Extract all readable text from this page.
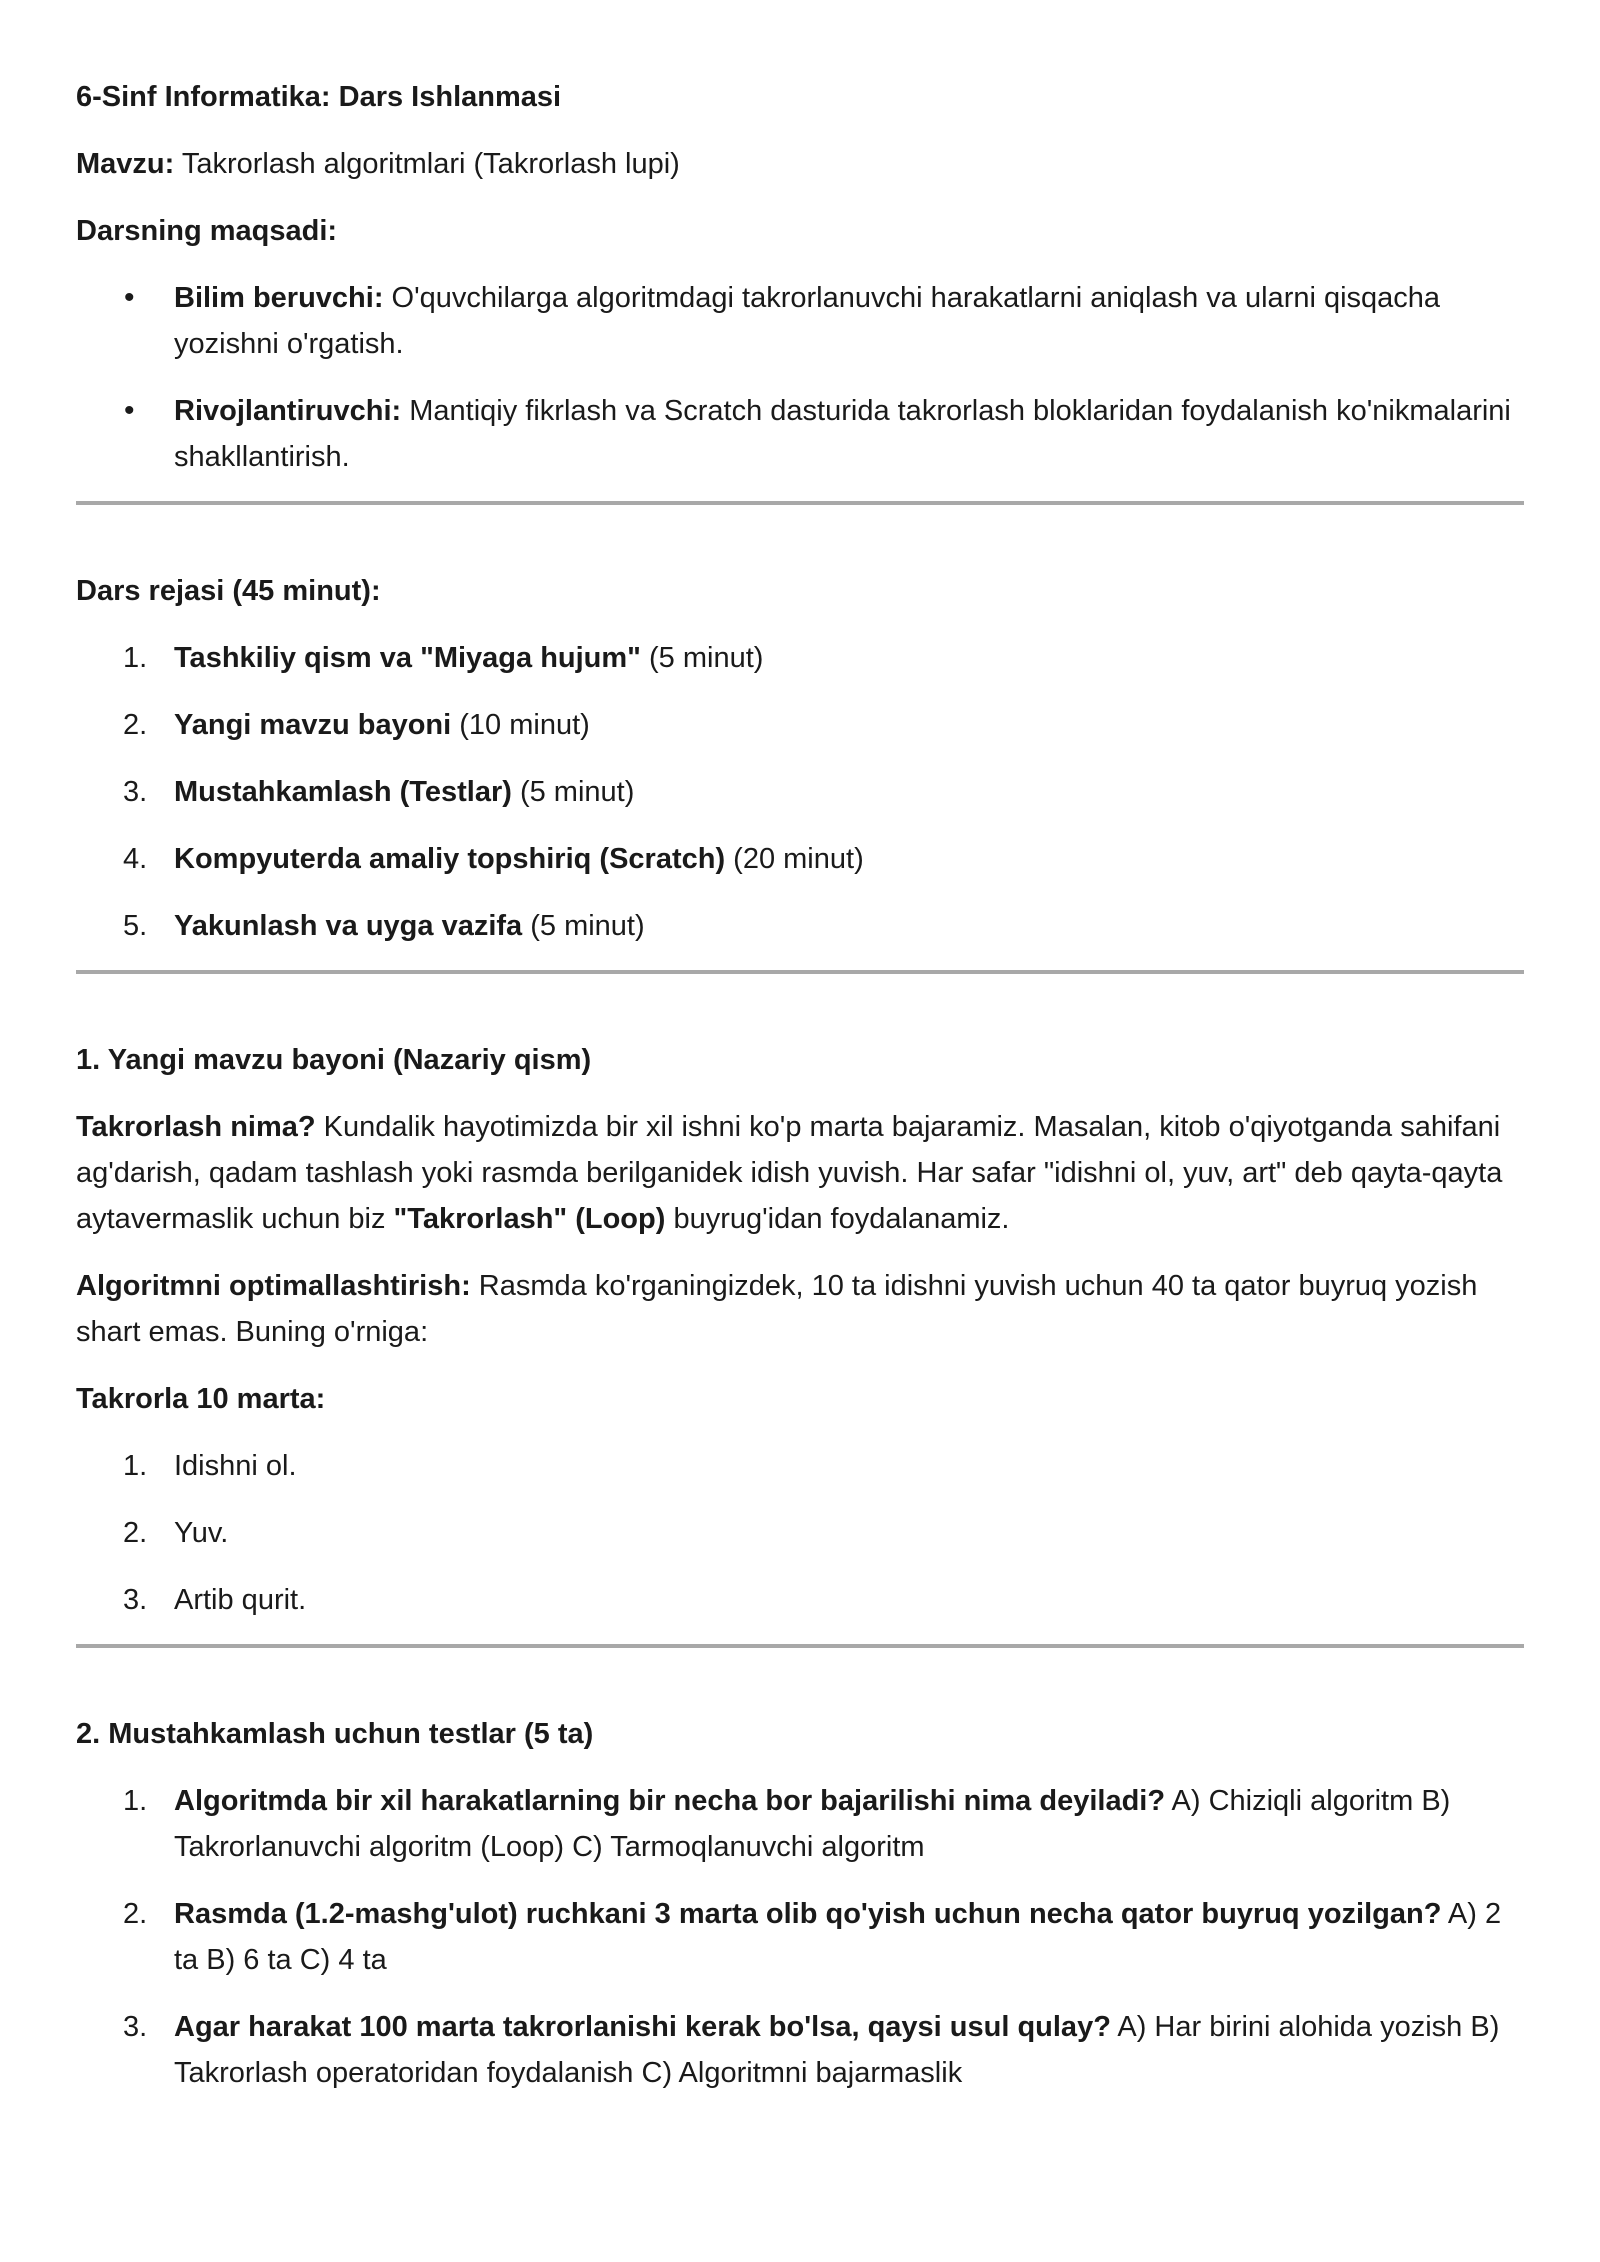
6-Sinf Informatika: Dars Ishlanmasi

Mavzu: Takrorlash algoritmlari (Takrorlash lupi)

Darsning maqsadi:

• Bilim beruvchi: O'quvchilarga algoritmdagi takrorlanuvchi harakatlarni aniqlash va ularni qisqacha yozishni o'rgatish.
• Rivojlantiruvchi: Mantiqiy fikrlash va Scratch dasturida takrorlash bloklaridan foydalanish ko'nikmalarini shakllantirish.

Dars rejasi (45 minut):

1. Tashkiliy qism va "Miyaga hujum" (5 minut)
2. Yangi mavzu bayoni (10 minut)
3. Mustahkamlash (Testlar) (5 minut)
4. Kompyuterda amaliy topshiriq (Scratch) (20 minut)
5. Yakunlash va uyga vazifa (5 minut)

1. Yangi mavzu bayoni (Nazariy qism)

Takrorlash nima? Kundalik hayotimizda bir xil ishni ko'p marta bajaramiz. Masalan, kitob o'qiyotganda sahifani ag'darish, qadam tashlash yoki rasmda berilganidek idish yuvish. Har safar "idishni ol, yuv, art" deb qayta-qayta aytavermaslik uchun biz "Takrorlash" (Loop) buyrug'idan foydalanamiz.

Algoritmni optimallashtirish: Rasmda ko'rganingizdek, 10 ta idishni yuvish uchun 40 ta qator buyruq yozish shart emas. Buning o'rniga:

Takrorla 10 marta:

1. Idishni ol.
2. Yuv.
3. Artib qurit.

2. Mustahkamlash uchun testlar (5 ta)

1. Algoritmda bir xil harakatlarning bir necha bor bajarilishi nima deyiladi? A) Chiziqli algoritm B) Takrorlanuvchi algoritm (Loop) C) Tarmoqlanuvchi algoritm
2. Rasmda (1.2-mashg'ulot) ruchkani 3 marta olib qo'yish uchun necha qator buyruq yozilgan? A) 2 ta B) 6 ta C) 4 ta
3. Agar harakat 100 marta takrorlanishi kerak bo'lsa, qaysi usul qulay? A) Har birini alohida yozish B) Takrorlash operatoridan foydalanish C) Algoritmni bajarmaslik
